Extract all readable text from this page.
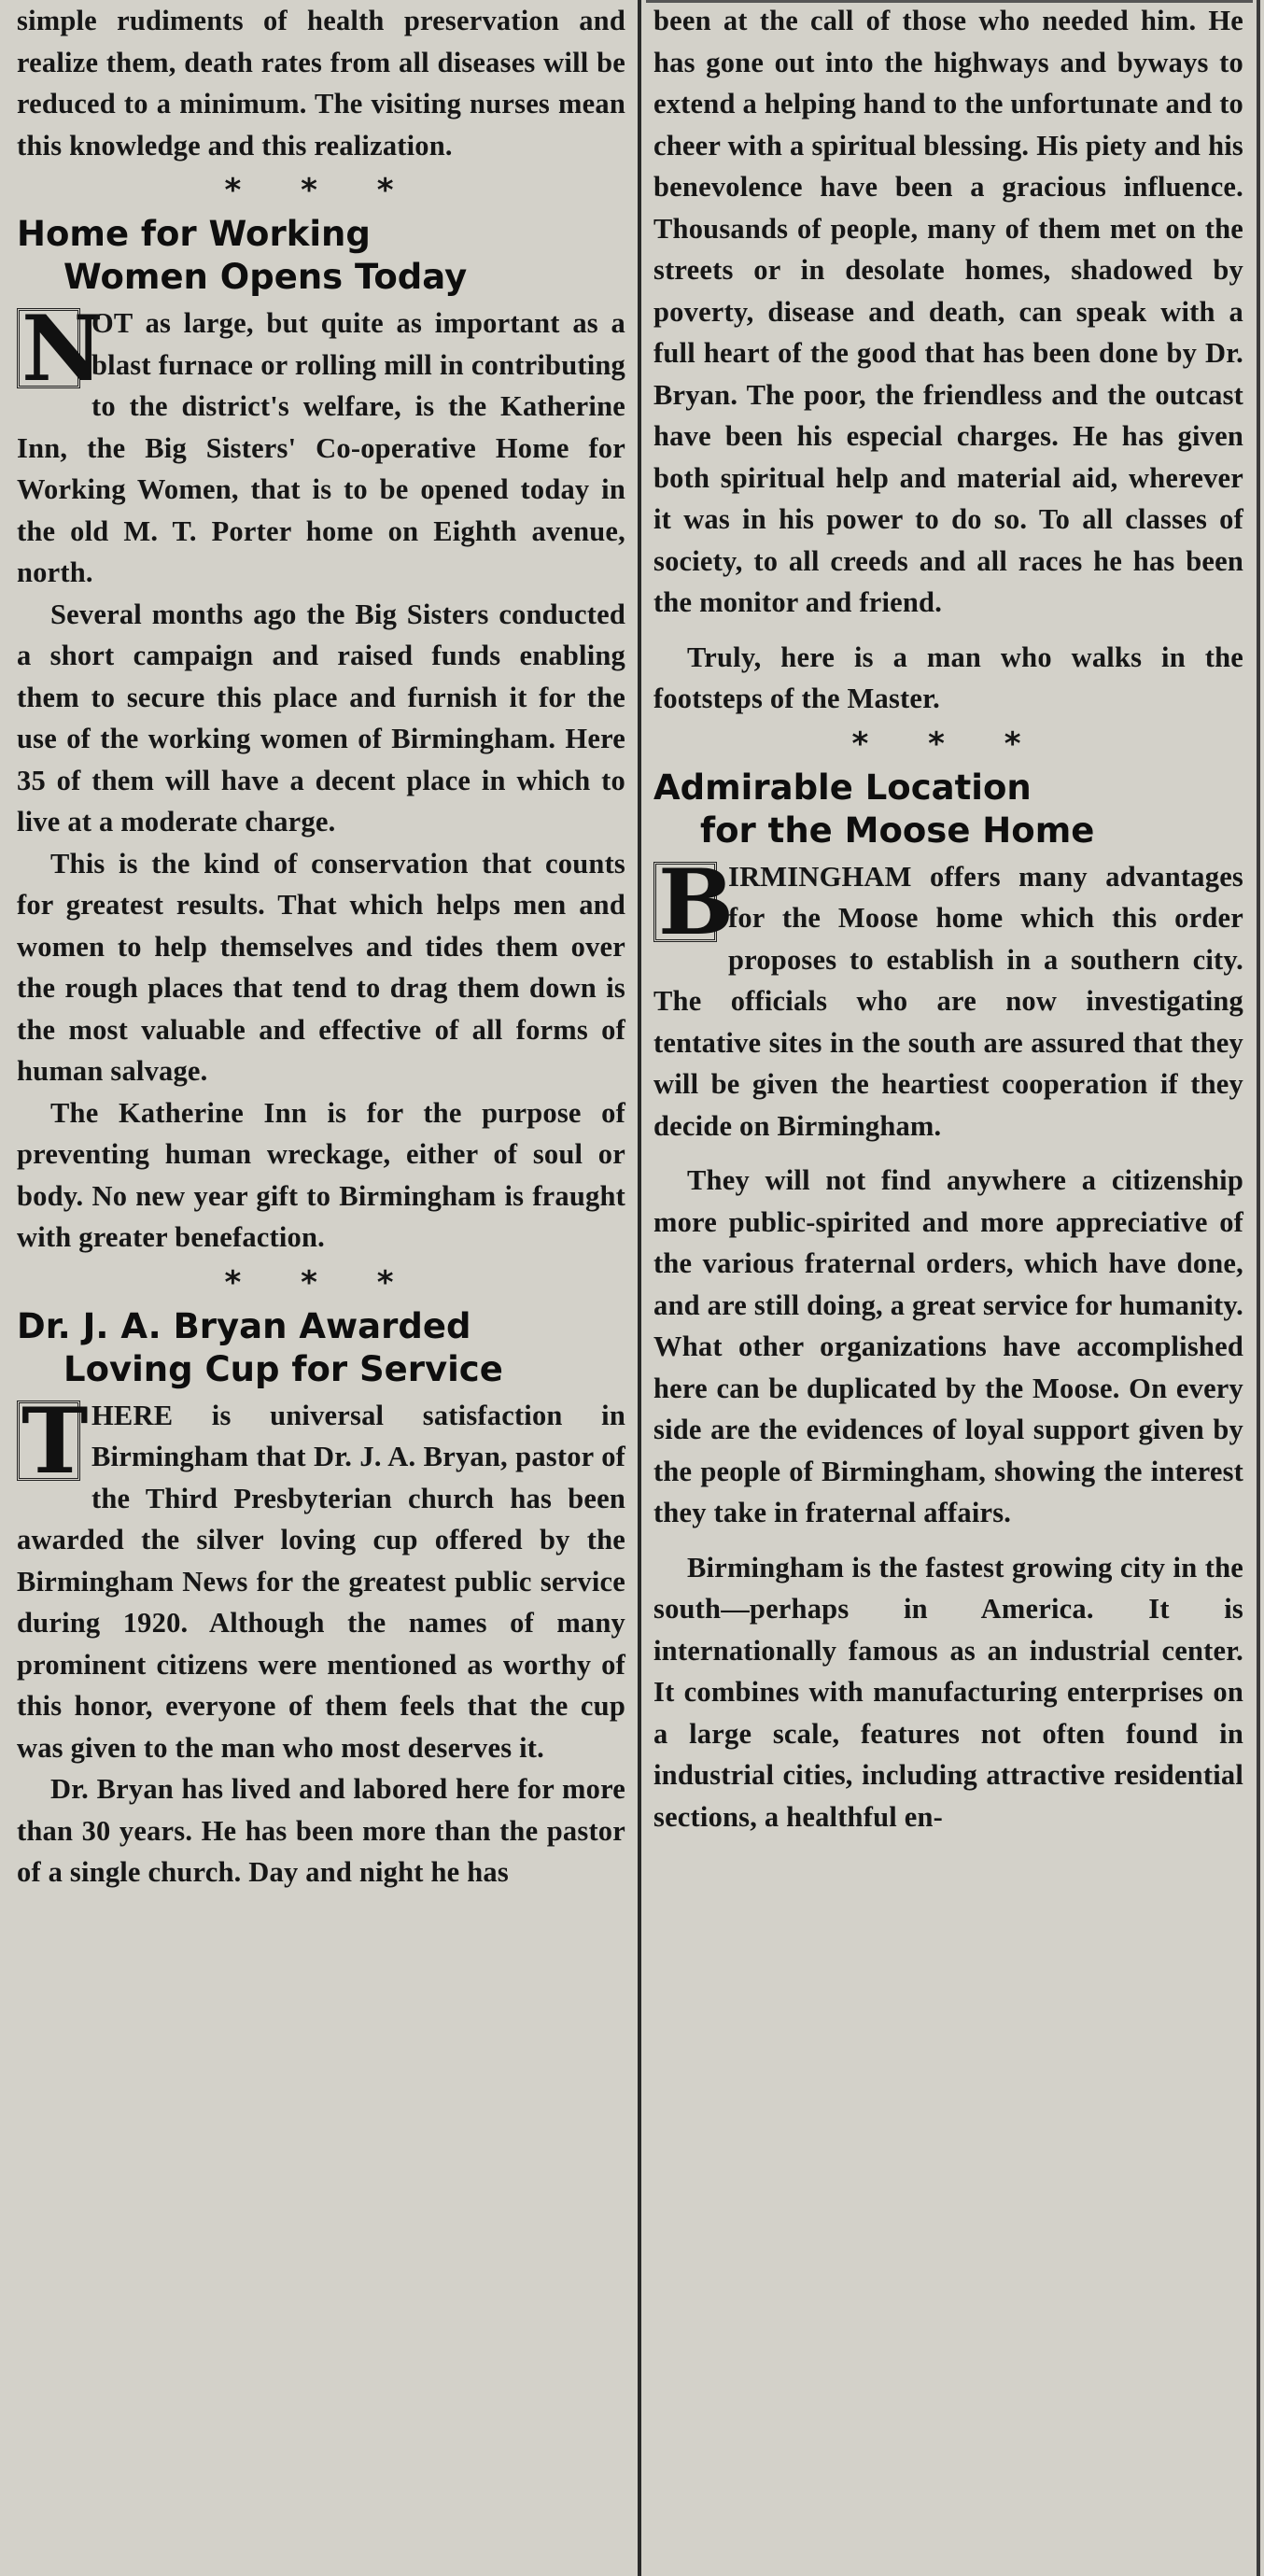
simple rudiments of health preservation and realize them, death rates from all diseases will be reduced to a minimum. The visiting nurses mean this knowledge and this realization.

* * *
Home for Working
Women Opens Today
N

OT as large, but quite as important as a blast furnace or rolling mill in contributing to the district's welfare, is the Katherine Inn, the Big Sisters' Co-operative Home for Working Women, that is to be opened today in the old M. T. Porter home on Eighth avenue, north.

Several months ago the Big Sisters conducted a short campaign and raised funds enabling them to secure this place and furnish it for the use of the working women of Birmingham. Here 35 of them will have a decent place in which to live at a moderate charge.

This is the kind of conservation that counts for greatest results. That which helps men and women to help themselves and tides them over the rough places that tend to drag them down is the most valuable and effective of all forms of human salvage.

The Katherine Inn is for the purpose of preventing human wreckage, either of soul or body. No new year gift to Birmingham is fraught with greater benefaction.

* * *
Dr. J. A. Bryan Awarded
Loving Cup for Service
T HERE is universal satisfaction in Birmingham that Dr. J. A. Bryan, pastor of the Third Presbyterian church has been awarded the silver loving cup offered by the Birmingham News for the greatest public service during 1920. Although the names of many prominent citizens were mentioned as worthy of this honor, everyone of them feels that the cup was given to the man who most deserves it.

Dr. Bryan has lived and labored here for more than 30 years. He has been more than the pastor of a single church. Day and night he has

been at the call of those who needed him. He has gone out into the highways and byways to extend a helping hand to the unfortunate and to cheer with a spiritual blessing. His piety and his benevolence have been a gracious influence. Thousands of people, many of them met on the streets or in desolate homes, shadowed by poverty, disease and death, can speak with a full heart of the good that has been done by Dr. Bryan. The poor, the friendless and the outcast have been his especial charges. He has given both spiritual help and material aid, wherever it was in his power to do so. To all classes of society, to all creeds and all races he has been the monitor and friend.

Truly, here is a man who walks in the footsteps of the Master.

* * *
Admirable Location
for the Moose Home
B

IRMINGHAM offers many advantages for the Moose home which this order proposes to establish in a southern city. The officials who are now investigating tentative sites in the south are assured that they will be given the heartiest cooperation if they decide on Birmingham.

They will not find anywhere a citizenship more public-spirited and more appreciative of the various fraternal orders, which have done, and are still doing, a great service for humanity. What other organizations have accomplished here can be duplicated by the Moose. On every side are the evidences of loyal support given by the people of Birmingham, showing the interest they take in fraternal affairs.

Birmingham is the fastest growing city in the south—perhaps in America. It is internationally famous as an industrial center. It combines with manufacturing enterprises on a large scale, features not often found in industrial cities, including attractive residential sections, a healthful en-
